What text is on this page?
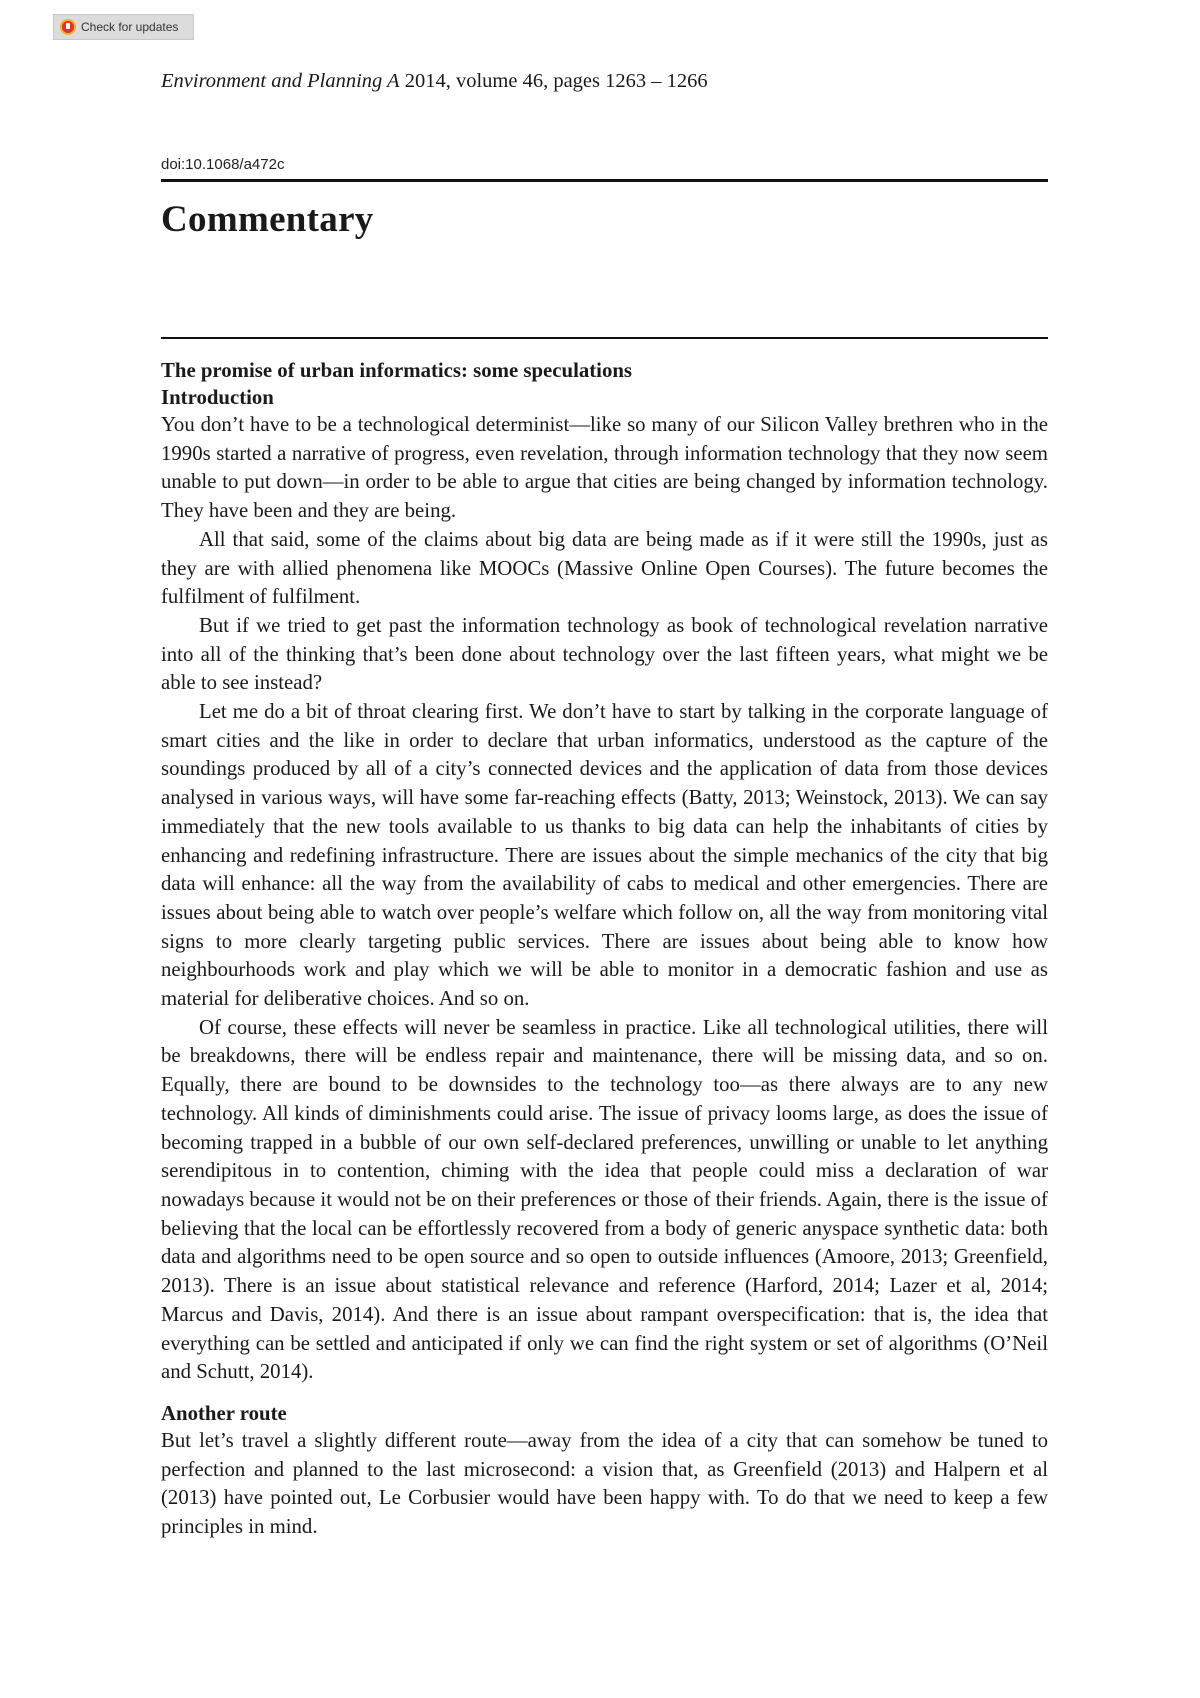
Check for updates
Environment and Planning A 2014, volume 46, pages 1263 – 1266
doi:10.1068/a472c
Commentary
The promise of urban informatics: some speculations
Introduction

You don’t have to be a technological determinist—like so many of our Silicon Valley brethren who in the 1990s started a narrative of progress, even revelation, through information technology that they now seem unable to put down—in order to be able to argue that cities are being changed by information technology. They have been and they are being.

All that said, some of the claims about big data are being made as if it were still the 1990s, just as they are with allied phenomena like MOOCs (Massive Online Open Courses). The future becomes the fulfilment of fulfilment.

But if we tried to get past the information technology as book of technological revelation narrative into all of the thinking that’s been done about technology over the last fifteen years, what might we be able to see instead?

Let me do a bit of throat clearing first. We don’t have to start by talking in the corporate language of smart cities and the like in order to declare that urban informatics, understood as the capture of the soundings produced by all of a city’s connected devices and the application of data from those devices analysed in various ways, will have some far-reaching effects (Batty, 2013; Weinstock, 2013). We can say immediately that the new tools available to us thanks to big data can help the inhabitants of cities by enhancing and redefining infrastructure. There are issues about the simple mechanics of the city that big data will enhance: all the way from the availability of cabs to medical and other emergencies. There are issues about being able to watch over people’s welfare which follow on, all the way from monitoring vital signs to more clearly targeting public services. There are issues about being able to know how neighbourhoods work and play which we will be able to monitor in a democratic fashion and use as material for deliberative choices. And so on.

Of course, these effects will never be seamless in practice. Like all technological utilities, there will be breakdowns, there will be endless repair and maintenance, there will be missing data, and so on. Equally, there are bound to be downsides to the technology too—as there always are to any new technology. All kinds of diminishments could arise. The issue of privacy looms large, as does the issue of becoming trapped in a bubble of our own self-declared preferences, unwilling or unable to let anything serendipitous in to contention, chiming with the idea that people could miss a declaration of war nowadays because it would not be on their preferences or those of their friends. Again, there is the issue of believing that the local can be effortlessly recovered from a body of generic anyspace synthetic data: both data and algorithms need to be open source and so open to outside influences (Amoore, 2013; Greenfield, 2013). There is an issue about statistical relevance and reference (Harford, 2014; Lazer et al, 2014; Marcus and Davis, 2014). And there is an issue about rampant overspecification: that is, the idea that everything can be settled and anticipated if only we can find the right system or set of algorithms (O’Neil and Schutt, 2014).

Another route

But let’s travel a slightly different route—away from the idea of a city that can somehow be tuned to perfection and planned to the last microsecond: a vision that, as Greenfield (2013) and Halpern et al (2013) have pointed out, Le Corbusier would have been happy with. To do that we need to keep a few principles in mind.
